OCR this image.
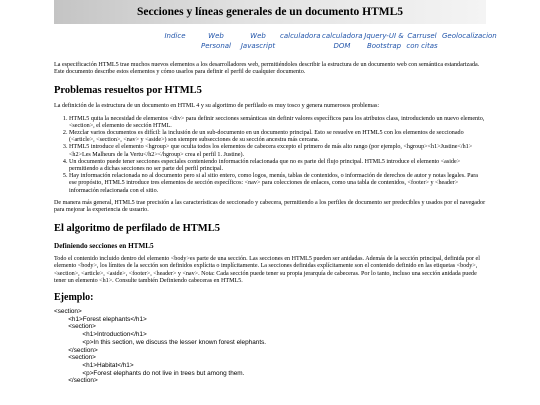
Secciones y líneas generales de un documento HTML5
Indice	Web
Personal
Web
Javascript
calculadora calculadora
DOM
Jquery-UI &
Bootstrap
Carrusel
con citas
Geolocalizacion

La especificación HTML5 trae muchos nuevos elementos a los desarrolladores web, permitiéndoles describir la estructura de un documento web con semántica estandarizada. Este documento describe estos elementos y cómo usarlos para definir el perfil de cualquier documento.

Problemas resueltos por HTML5

La definición de la estructura de un documento en HTML 4 y su algoritmo de perfilado es muy tosco y genera numerosos problemas:

1. HTML5 quita la necesidad de elementos <div> para definir secciones semánticas sin definir valores específicos para los atributos class, introduciendo un nuevo elemento, <section>, el elemento de sección HTML.
2. Mezclar varios documentos es difícil: la inclusión de un sub-documento en un documento principal. Esto se resuelve en HTML5 con los elementos de seccionado (<article>, <section>, <nav> y <aside>) son siempre subsecciones de su sección ancestra más cercana.
3. HTML5 introduce el elemento <hgroup> que oculta todos los elementos de cabecera excepto el primero de más alto rango (por ejemplo, <hgroup><h1>Justine</h1><h2>Les Malheurs de la Vertu</h2></hgroup> crea el perfil 1. Justine).
4. Un documento puede tener secciones especiales conteniendo información relacionada que no es parte del flujo principal. HTML5 introduce el elemento <aside> permitiendo a dichas secciones no ser parte del perfil principal.
5. Hay información relacionada no al documento pero si al sitio entero, como logos, menús, tablas de contenidos, o información de derechos de autor y notas legales. Para ese propósito, HTML5 introduce tres elementos de sección específicos: <nav> para colecciones de enlaces, como una tabla de contenidos, <footer> y <header> información relacionada con el sitio.

De manera más general, HTML5 trae precisión a las características de seccionado y cabecera, permitiendo a los perfiles de documento ser predecibles y usados por el navegador para mejorar la experiencia de usuario.

El algoritmo de perfilado de HTML5
Definiendo secciones en HTML5

Todo el contenido incluido dentro del elemento <body>es parte de una sección. Las secciones en HTML5 pueden ser anidadas. Además de la sección principal, definida por el elemento <body>, los límites de la sección son definidos explícita o implícitamente. La secciones definidas explícitamente son el contenido definido en las etiquetas <body>, <section>, <article>, <aside>, <footer>, <header> y <nav>. Nota: Cada sección puede tener su propia jerarquía de cabeceras. Por lo tanto, incluso una sección anidada puede tener un elemento <h1>. Consulte también Definiendo cabeceras en HTML5.

Ejemplo:
<section>
<h1>Forest elephants</h1>
<section>
<h1>Introduction</h1>
<p>In this section, we discuss the lesser known forest elephants.
</section>
<section>
<h1>Habitat</h1>
<p>Forest elephants do not live in trees but among them.
</section>
